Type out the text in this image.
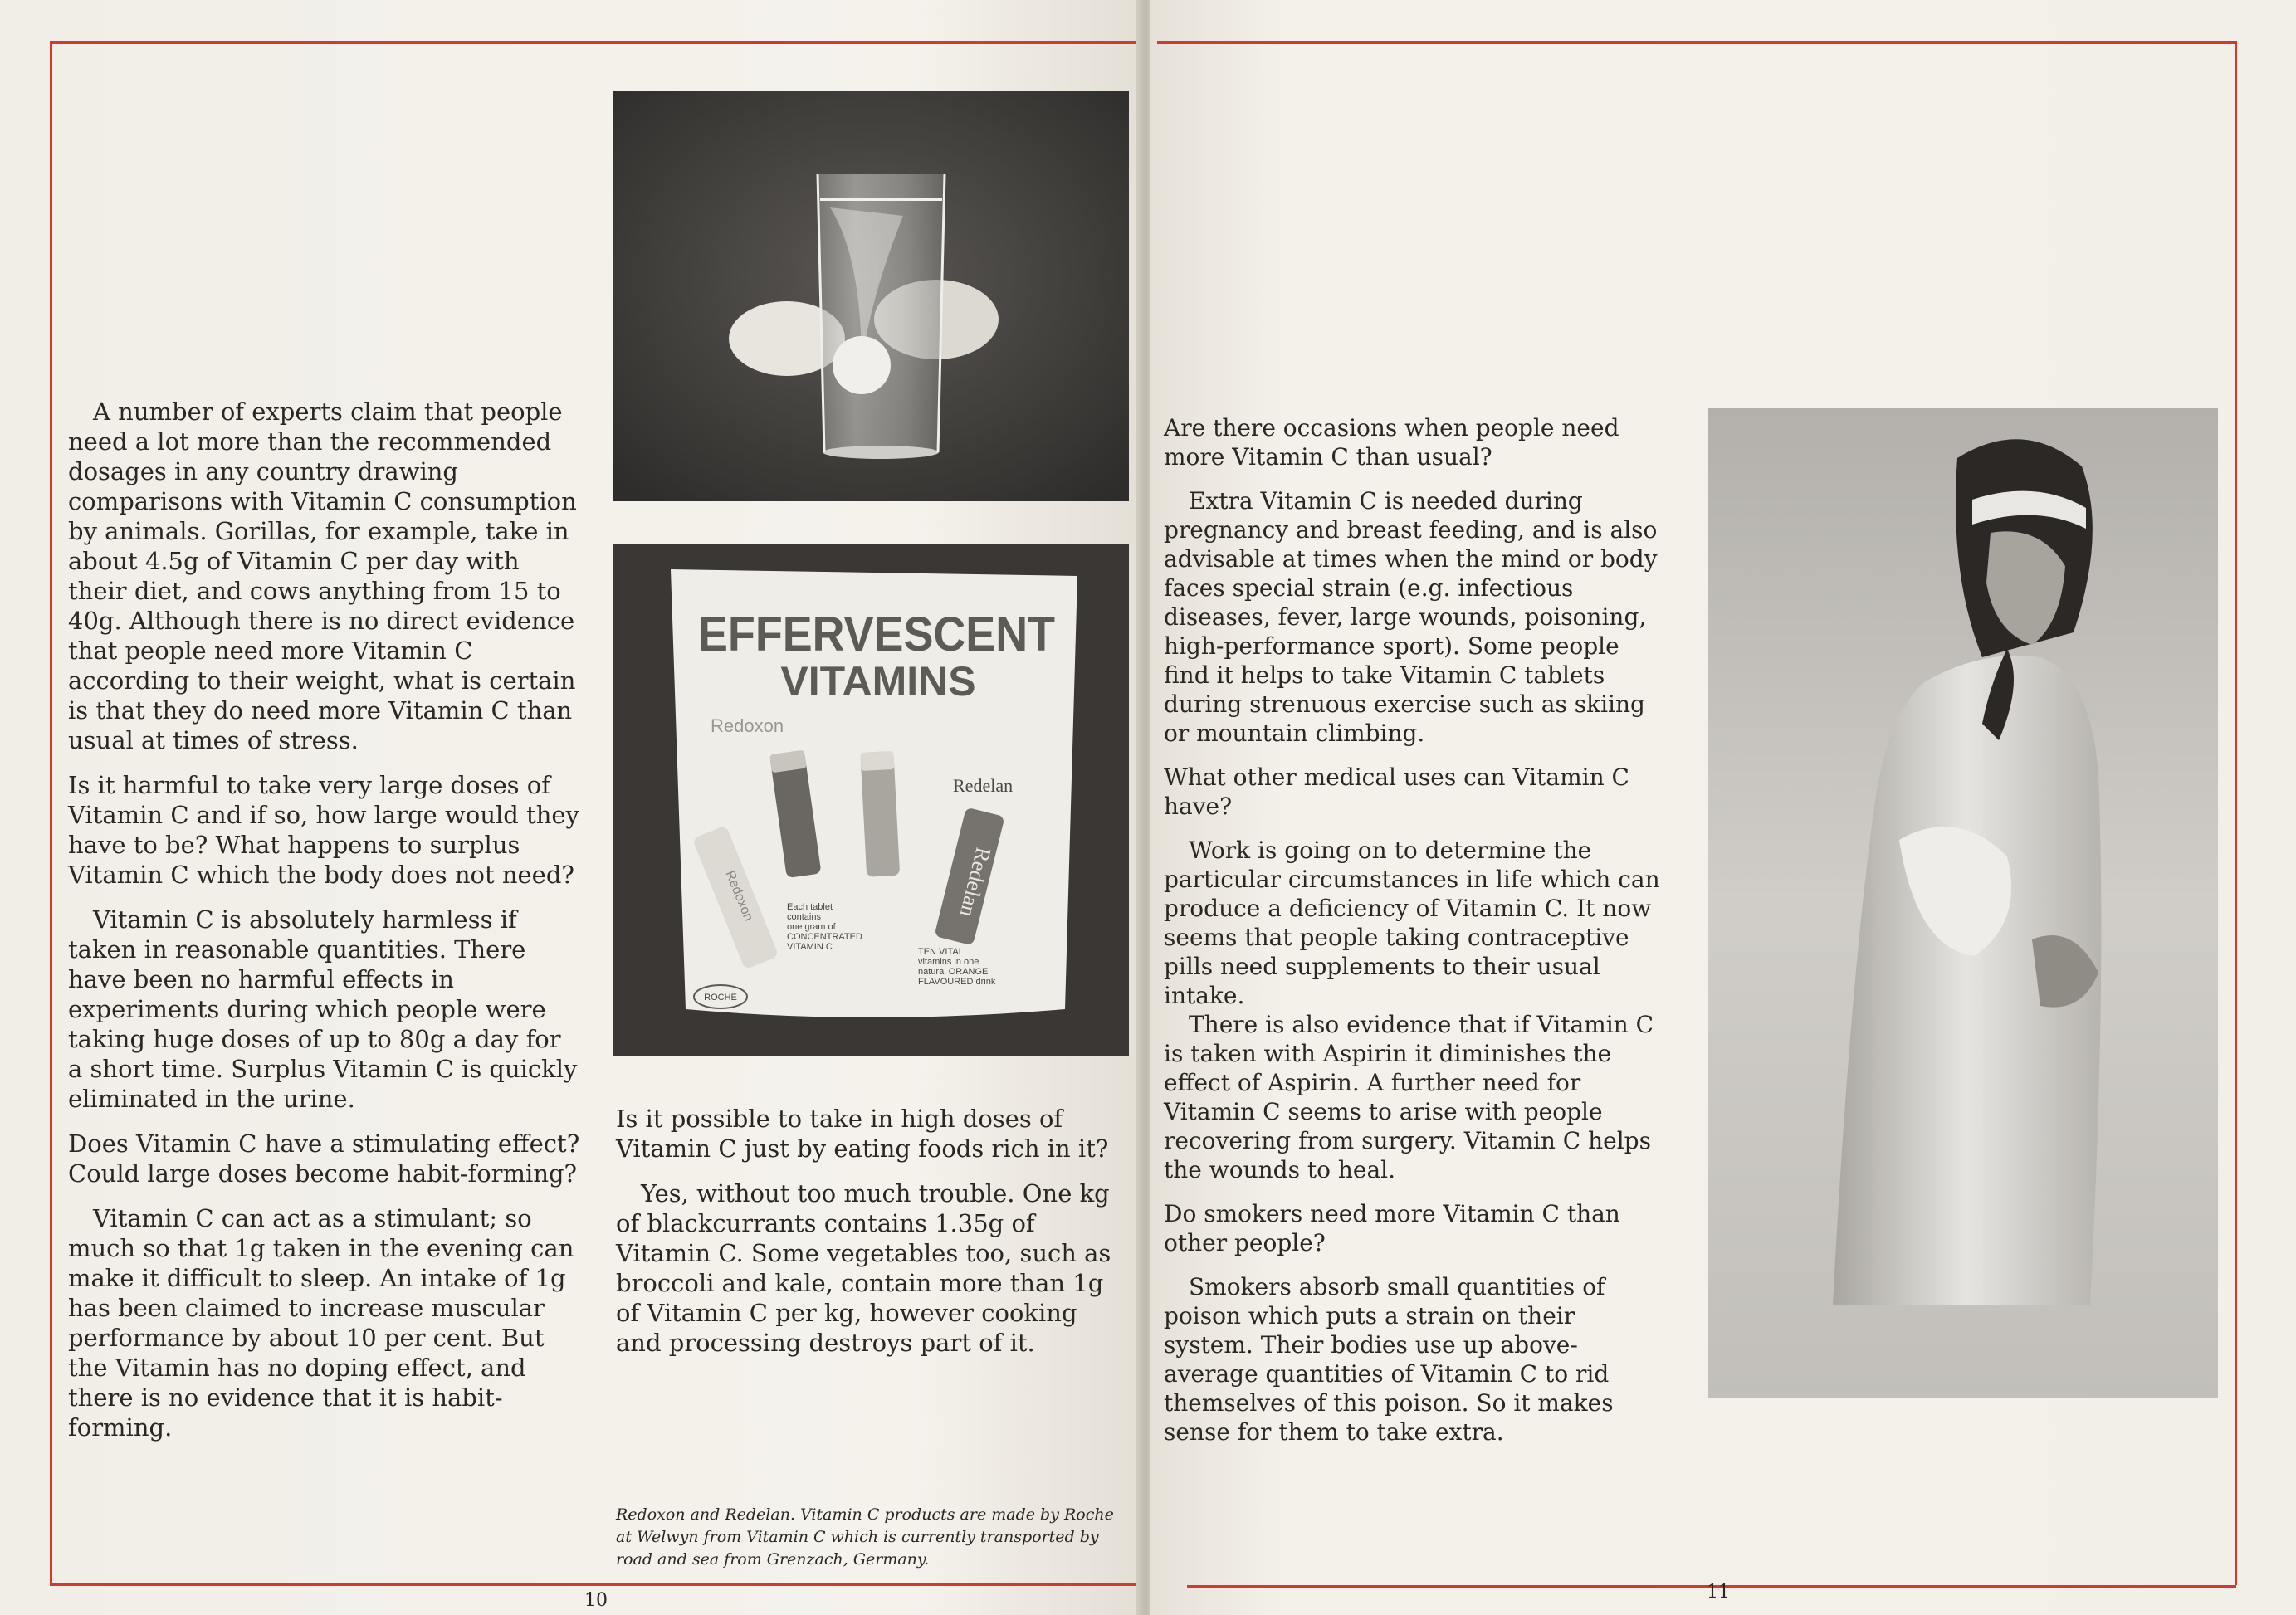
A number of experts claim that people need a lot more than the recommended dosages in any country drawing comparisons with Vitamin C consumption by animals. Gorillas, for example, take in about 4.5g of Vitamin C per day with their diet, and cows anything from 15 to 40g. Although there is no direct evidence that people need more Vitamin C according to their weight, what is certain is that they do need more Vitamin C than usual at times of stress.

Is it harmful to take very large doses of Vitamin C and if so, how large would they have to be? What happens to surplus Vitamin C which the body does not need?

Vitamin C is absolutely harmless if taken in reasonable quantities. There have been no harmful effects in experiments during which people were taking huge doses of up to 80g a day for a short time. Surplus Vitamin C is quickly eliminated in the urine.

Does Vitamin C have a stimulating effect? Could large doses become habit-forming?

Vitamin C can act as a stimulant; so much so that 1g taken in the evening can make it difficult to sleep. An intake of 1g has been claimed to increase muscular performance by about 10 per cent. But the Vitamin has no doping effect, and there is no evidence that it is habit-forming.

EFFERVESCENT
VITAMINS
Redoxon
Redelan
Redelan
Redoxon	Each tablet
contains
one gram of
CONCENTRATED
VITAMIN C	TEN VITAL
vitamins in one
natural ORANGE
FLAVOURED drink
ROCHE

Is it possible to take in high doses of Vitamin C just by eating foods rich in it?

Yes, without too much trouble. One kg of blackcurrants contains 1.35g of Vitamin C. Some vegetables too, such as broccoli and kale, contain more than 1g of Vitamin C per kg, however cooking and processing destroys part of it.

Redoxon and Redelan. Vitamin C products are made by Roche at Welwyn from Vitamin C which is currently transported by road and sea from Grenzach, Germany.
10

Are there occasions when people need more Vitamin C than usual?

Extra Vitamin C is needed during pregnancy and breast feeding, and is also advisable at times when the mind or body faces special strain (e.g. infectious diseases, fever, large wounds, poisoning, high-performance sport). Some people find it helps to take Vitamin C tablets during strenuous exercise such as skiing or mountain climbing.

What other medical uses can Vitamin C have?

Work is going on to determine the particular circumstances in life which can produce a deficiency of Vitamin C. It now seems that people taking contraceptive pills need supplements to their usual intake.

There is also evidence that if Vitamin C is taken with Aspirin it diminishes the effect of Aspirin. A further need for Vitamin C seems to arise with people recovering from surgery. Vitamin C helps the wounds to heal.

Do smokers need more Vitamin C than other people?

Smokers absorb small quantities of poison which puts a strain on their system. Their bodies use up above-average quantities of Vitamin C to rid themselves of this poison. So it makes sense for them to take extra.

11
